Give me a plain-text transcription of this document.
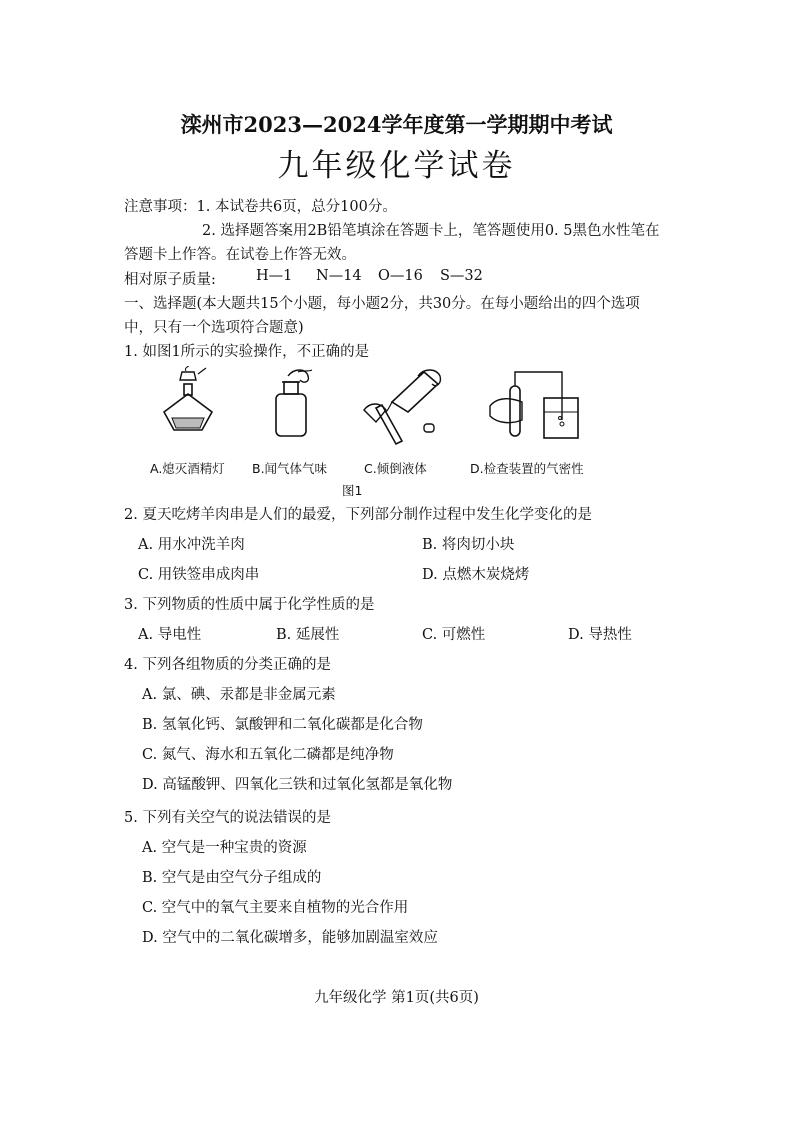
滦州市2023—2024学年度第一学期期中考试
九年级化学试卷
注意事项：1. 本试卷共6页，总分100分。
2. 选择题答案用2B铅笔填涂在答题卡上，笔答题使用0. 5黑色水性笔在
答题卡上作答。在试卷上作答无效。
相对原子质量:	H—1 N—14 O—16 S—32
一、选择题(本大题共15个小题，每小题2分，共30分。在每小题给出的四个选项
中，只有一个选项符合题意)
1. 如图1所示的实验操作，不正确的是
A.熄灭酒精灯 B.闻气体气味	C.倾倒液体	D.检查装置的气密性
图1
2. 夏天吃烤羊肉串是人们的最爱，下列部分制作过程中发生化学变化的是
A. 用水冲洗羊肉	B. 将肉切小块
C. 用铁签串成肉串	D. 点燃木炭烧烤
3. 下列物质的性质中属于化学性质的是
A. 导电性	B. 延展性	C. 可燃性	D. 导热性
4. 下列各组物质的分类正确的是
A. 氯、碘、汞都是非金属元素
B. 氢氧化钙、氯酸钾和二氧化碳都是化合物
C. 氮气、海水和五氧化二磷都是纯净物
D. 高锰酸钾、四氧化三铁和过氧化氢都是氧化物
5. 下列有关空气的说法错误的是
A. 空气是一种宝贵的资源
B. 空气是由空气分子组成的
C. 空气中的氧气主要来自植物的光合作用
D. 空气中的二氧化碳增多，能够加剧温室效应
九年级化学 第1页(共6页)
